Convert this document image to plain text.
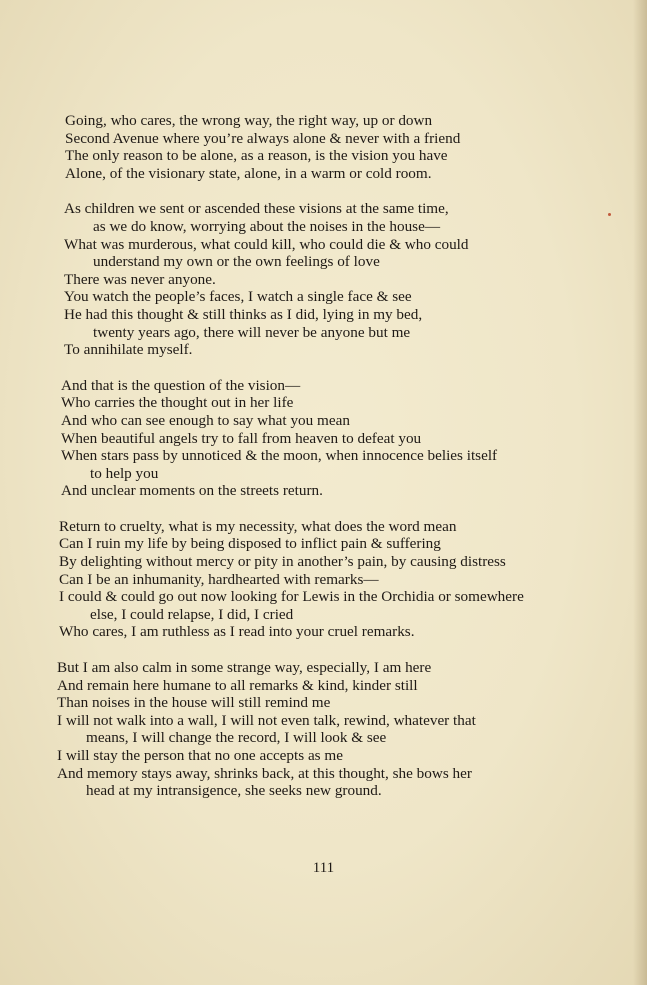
Going, who cares, the wrong way, the right way, up or down
Second Avenue where you’re always alone & never with a friend
The only reason to be alone, as a reason, is the vision you have
Alone, of the visionary state, alone, in a warm or cold room.
As children we sent or ascended these visions at the same time,
as we do know, worrying about the noises in the house—
What was murderous, what could kill, who could die & who could
understand my own or the own feelings of love
There was never anyone.
You watch the people’s faces, I watch a single face & see
He had this thought & still thinks as I did, lying in my bed,
twenty years ago, there will never be anyone but me
To annihilate myself.
And that is the question of the vision—
Who carries the thought out in her life
And who can see enough to say what you mean
When beautiful angels try to fall from heaven to defeat you
When stars pass by unnoticed & the moon, when innocence belies itself
to help you
And unclear moments on the streets return.
Return to cruelty, what is my necessity, what does the word mean
Can I ruin my life by being disposed to inflict pain & suffering
By delighting without mercy or pity in another’s pain, by causing distress
Can I be an inhumanity, hardhearted with remarks—
I could & could go out now looking for Lewis in the Orchidia or somewhere
else, I could relapse, I did, I cried
Who cares, I am ruthless as I read into your cruel remarks.
But I am also calm in some strange way, especially, I am here
And remain here humane to all remarks & kind, kinder still
Than noises in the house will still remind me
I will not walk into a wall, I will not even talk, rewind, whatever that
means, I will change the record, I will look & see
I will stay the person that no one accepts as me
And memory stays away, shrinks back, at this thought, she bows her
head at my intransigence, she seeks new ground.
111
